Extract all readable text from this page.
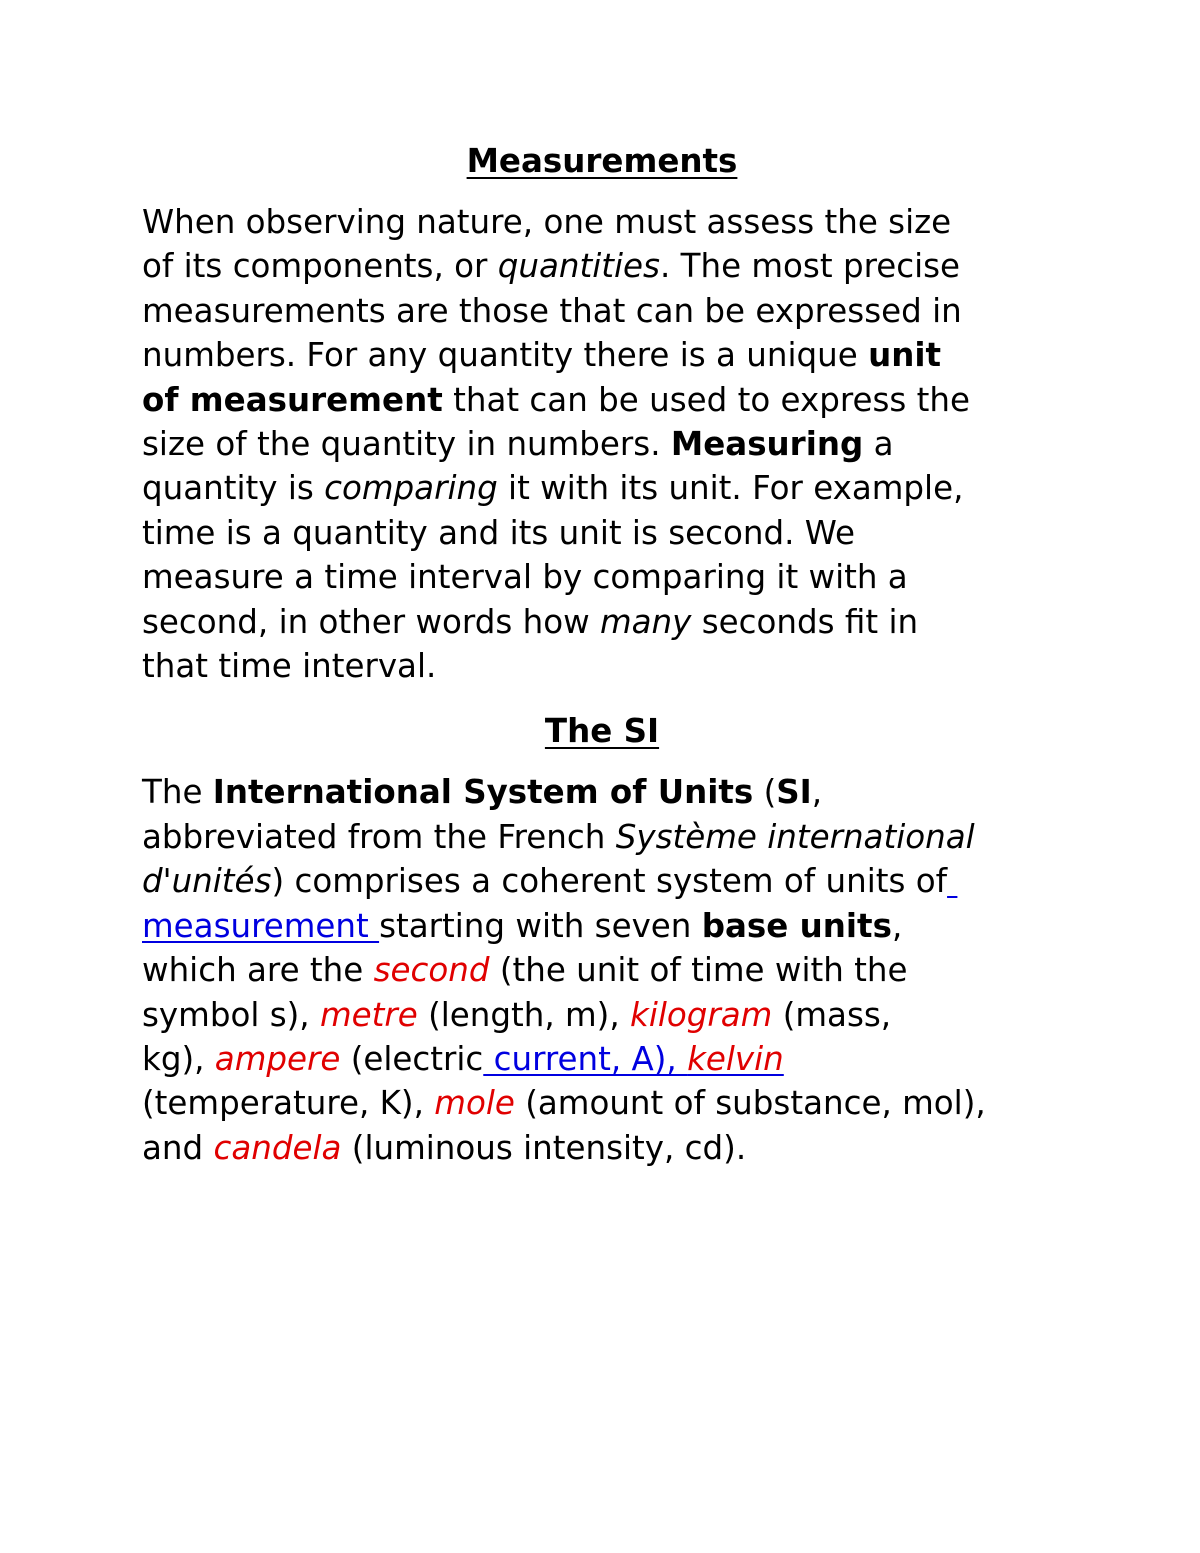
Measurements

When observing nature, one must assess the size
of its components, or quantities. The most precise
measurements are those that can be expressed in
numbers. For any quantity there is a unique unit
of measurement that can be used to express the
size of the quantity in numbers. Measuring a
quantity is comparing it with its unit. For example,
time is a quantity and its unit is second. We
measure a time interval by comparing it with a
second, in other words how many seconds fit in
that time interval.

The SI

The International System of Units (SI,
abbreviated from the French Système international
d'unités) comprises a coherent system of units of
measurement starting with seven base units,
which are the second (the unit of time with the
symbol s), metre (length, m), kilogram (mass,
kg), ampere (electric current, A), kelvin
(temperature, K), mole (amount of substance, mol),
and candela (luminous intensity, cd).
